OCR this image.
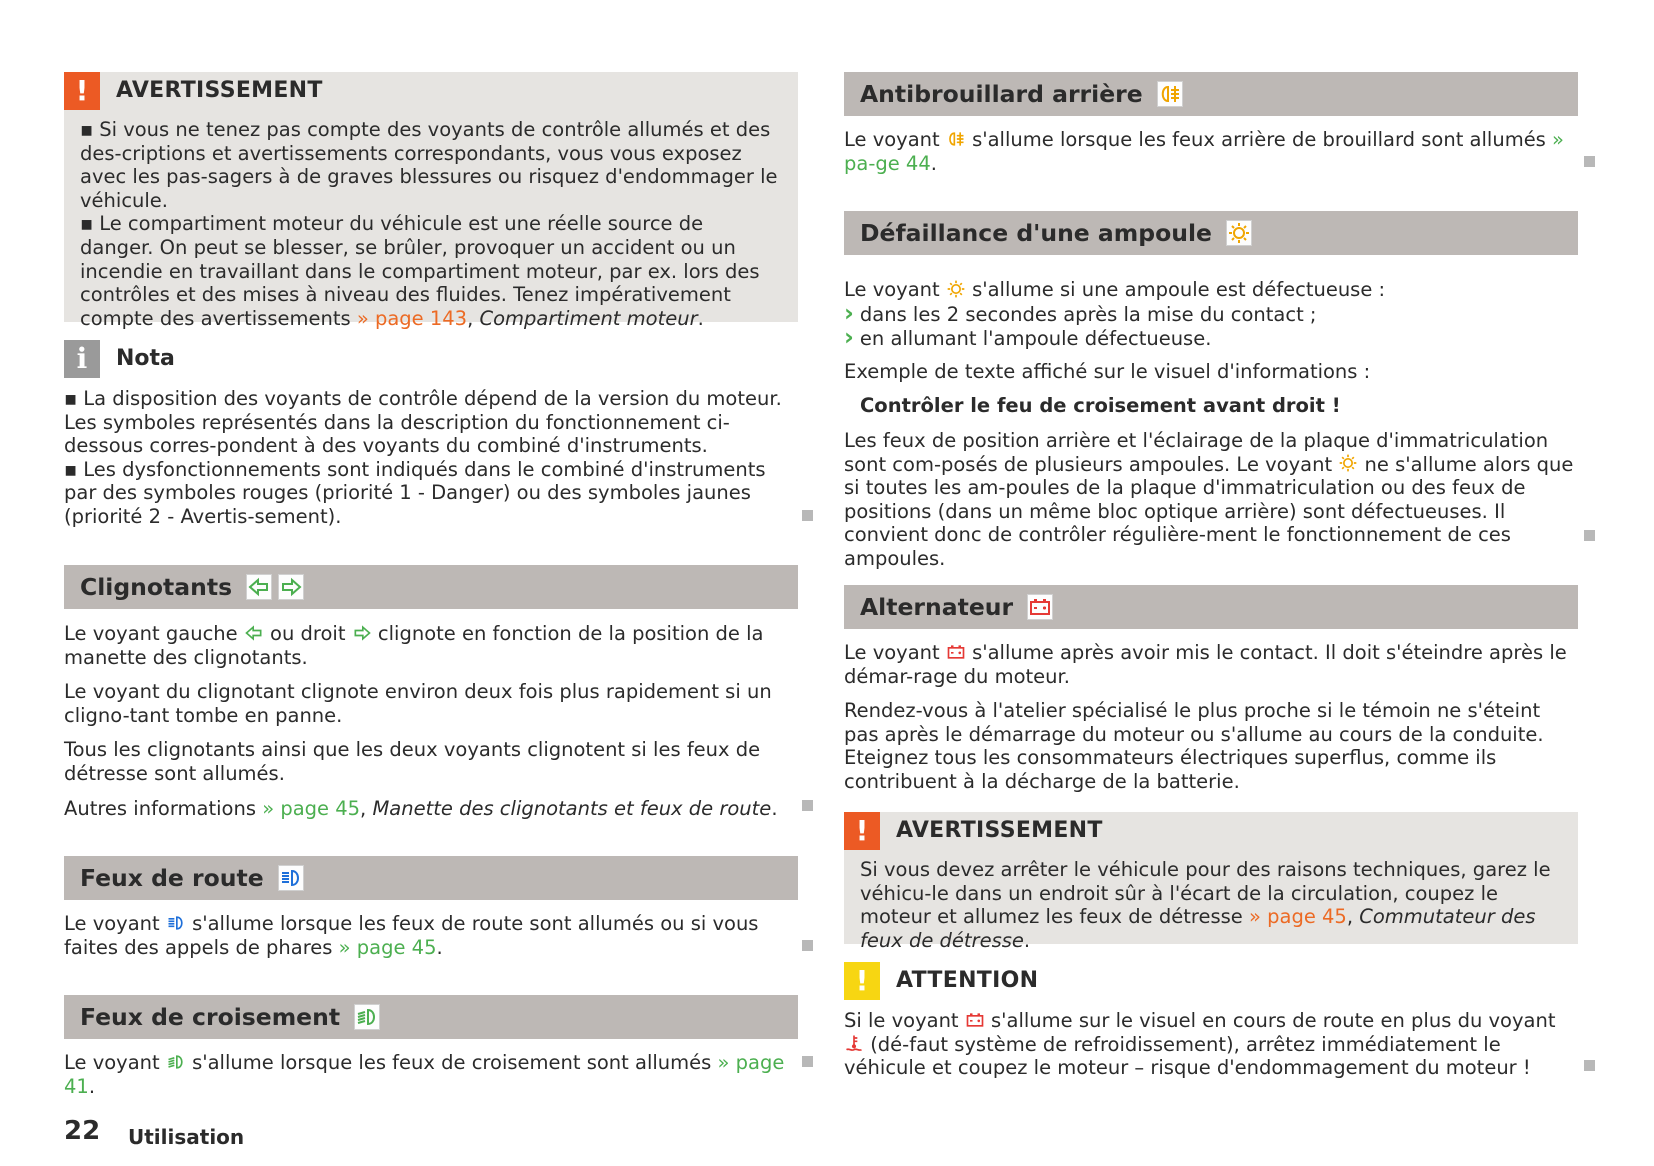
!	AVERTISSEMENT

▪ Si vous ne tenez pas compte des voyants de contrôle allumés et des des-criptions et avertissements correspondants, vous vous exposez avec les pas-sagers à de graves blessures ou risquez d'endommager le véhicule.

▪ Le compartiment moteur du véhicule est une réelle source de danger. On peut se blesser, se brûler, provoquer un accident ou un incendie en travaillant dans le compartiment moteur, par ex. lors des contrôles et des mises à niveau des fluides. Tenez impérativement compte des avertissements » page 143, Compartiment moteur.

i	Nota

▪ La disposition des voyants de contrôle dépend de la version du moteur. Les symboles représentés dans la description du fonctionnement ci-dessous corres-pondent à des voyants du combiné d'instruments.

▪ Les dysfonctionnements sont indiqués dans le combiné d'instruments par des symboles rouges (priorité 1 - Danger) ou des symboles jaunes (priorité 2 - Avertis-sement).

Clignotants

Le voyant gauche
ou droit
clignote en fonction de la position de la manette des clignotants.

Le voyant du clignotant clignote environ deux fois plus rapidement si un cligno-tant tombe en panne.

Tous les clignotants ainsi que les deux voyants clignotent si les feux de détresse sont allumés.

Autres informations » page 45, Manette des clignotants et feux de route.

Feux de route

Le voyant
s'allume lorsque les feux de route sont allumés ou si vous faites des appels de phares » page 45.

Feux de croisement

Le voyant
s'allume lorsque les feux de croisement sont allumés » page 41.

Antibrouillard arrière

Le voyant
s'allume lorsque les feux arrière de brouillard sont allumés » pa-ge 44.

Défaillance d'une ampoule

Le voyant
s'allume si une ampoule est défectueuse :

› dans les 2 secondes après la mise du contact ;
› en allumant l'ampoule défectueuse.

Exemple de texte affiché sur le visuel d'informations :

Contrôler le feu de croisement avant droit !

Les feux de position arrière et l'éclairage de la plaque d'immatriculation sont com-posés de plusieurs ampoules. Le voyant
ne s'allume alors que si toutes les am-poules de la plaque d'immatriculation ou des feux de positions (dans un même bloc optique arrière) sont défectueuses. Il convient donc de contrôler régulière-ment le fonctionnement de ces ampoules.

Alternateur

Le voyant
s'allume après avoir mis le contact. Il doit s'éteindre après le démar-rage du moteur.

Rendez-vous à l'atelier spécialisé le plus proche si le témoin ne s'éteint pas après le démarrage du moteur ou s'allume au cours de la conduite. Eteignez tous les consommateurs électriques superflus, comme ils contribuent à la décharge de la batterie.

!	AVERTISSEMENT

Si vous devez arrêter le véhicule pour des raisons techniques, garez le véhicu-le dans un endroit sûr à l'écart de la circulation, coupez le moteur et allumez les feux de détresse » page 45, Commutateur des feux de détresse.

!	ATTENTION

Si le voyant
s'allume sur le visuel en cours de route en plus du voyant
(dé-faut système de refroidissement), arrêtez immédiatement le véhicule et coupez le moteur – risque d'endommagement du moteur !

22 Utilisation
